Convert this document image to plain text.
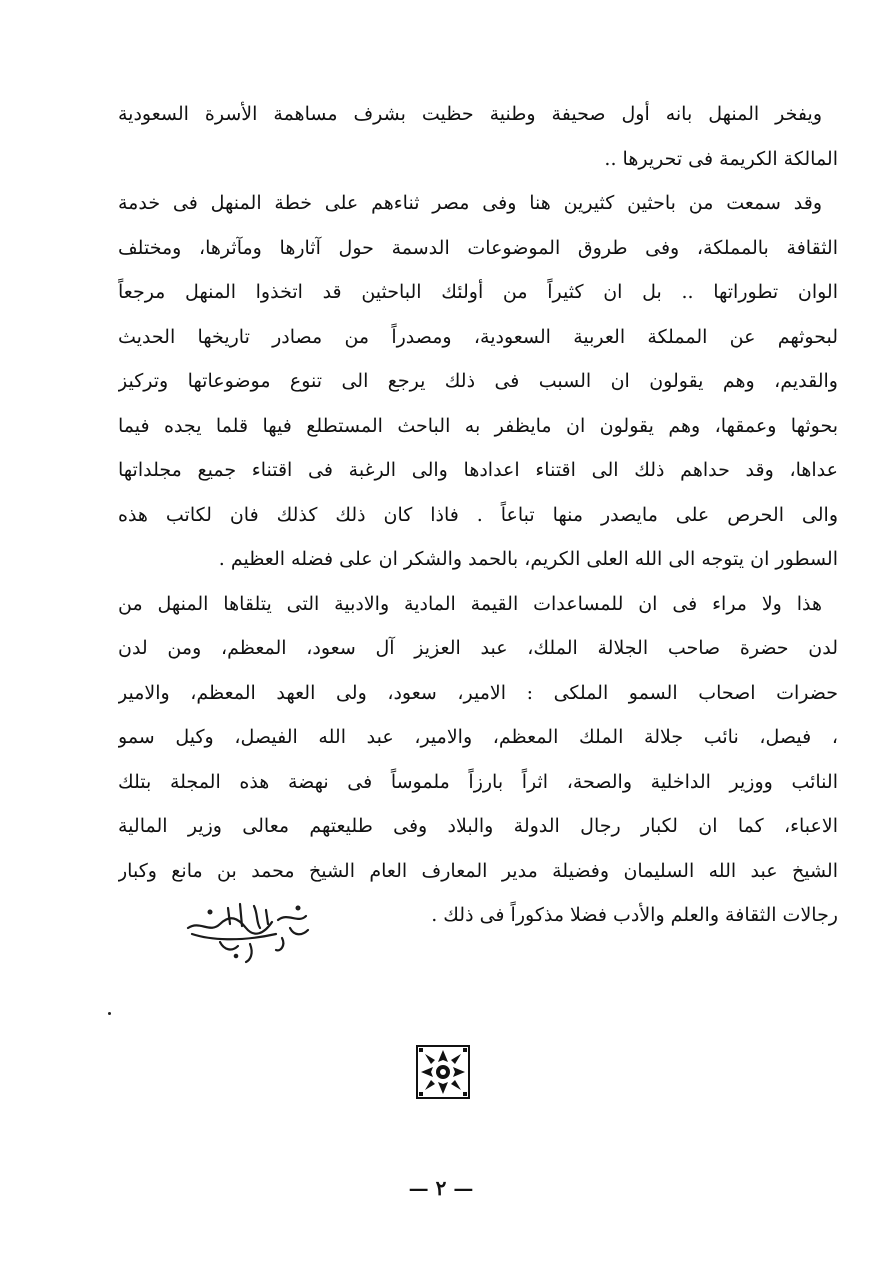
ويفخر المنهل بانه أول صحيفة وطنية حظيت بشرف مساهمة الأسرة السعودية
المالكة الكريمة فى تحريرها ..
وقد سمعت من باحثين كثيرين هنا وفى مصر ثناءهم على خطة المنهل فى خدمة
الثقافة بالمملكة، وفى طروق الموضوعات الدسمة حول آثارها ومآثرها، ومختلف
الوان تطوراتها .. بل ان كثيراً من أولئك الباحثين قد اتخذوا المنهل مرجعاً
لبحوثهم عن المملكة العربية السعودية، ومصدراً من مصادر تاريخها الحديث
والقديم، وهم يقولون ان السبب فى ذلك يرجع الى تنوع موضوعاتها وتركيز
بحوثها وعمقها، وهم يقولون ان مايظفر به الباحث المستطلع فيها قلما يجده فيما
عداها، وقد حداهم ذلك الى اقتناء اعدادها والى الرغبة فى اقتناء جميع مجلداتها
والى الحرص على مايصدر منها تباعاً . فاذا كان ذلك كذلك فان لكاتب هذه
السطور ان يتوجه الى الله العلى الكريم، بالحمد والشكر ان على فضله العظيم .
هذا ولا مراء فى ان للمساعدات القيمة المادية والادبية التى يتلقاها المنهل من
لدن حضرة صاحب الجلالة الملك، عبد العزيز آل سعود، المعظم، ومن لدن
حضرات اصحاب السمو الملكى : الامير، سعود، ولى العهد المعظم، والامير
، فيصل، نائب جلالة الملك المعظم، والامير، عبد الله الفيصل، وكيل سمو
النائب ووزير الداخلية والصحة، اثراً بارزاً ملموساً فى نهضة هذه المجلة بتلك
الاعباء، كما ان لكبار رجال الدولة والبلاد وفى طليعتهم معالى وزير المالية
الشيخ عبد الله السليمان وفضيلة مدير المعارف العام الشيخ محمد بن مانع وكبار
رجالات الثقافة والعلم والأدب فضلا مذكوراً فى ذلك .
— ٢ —
